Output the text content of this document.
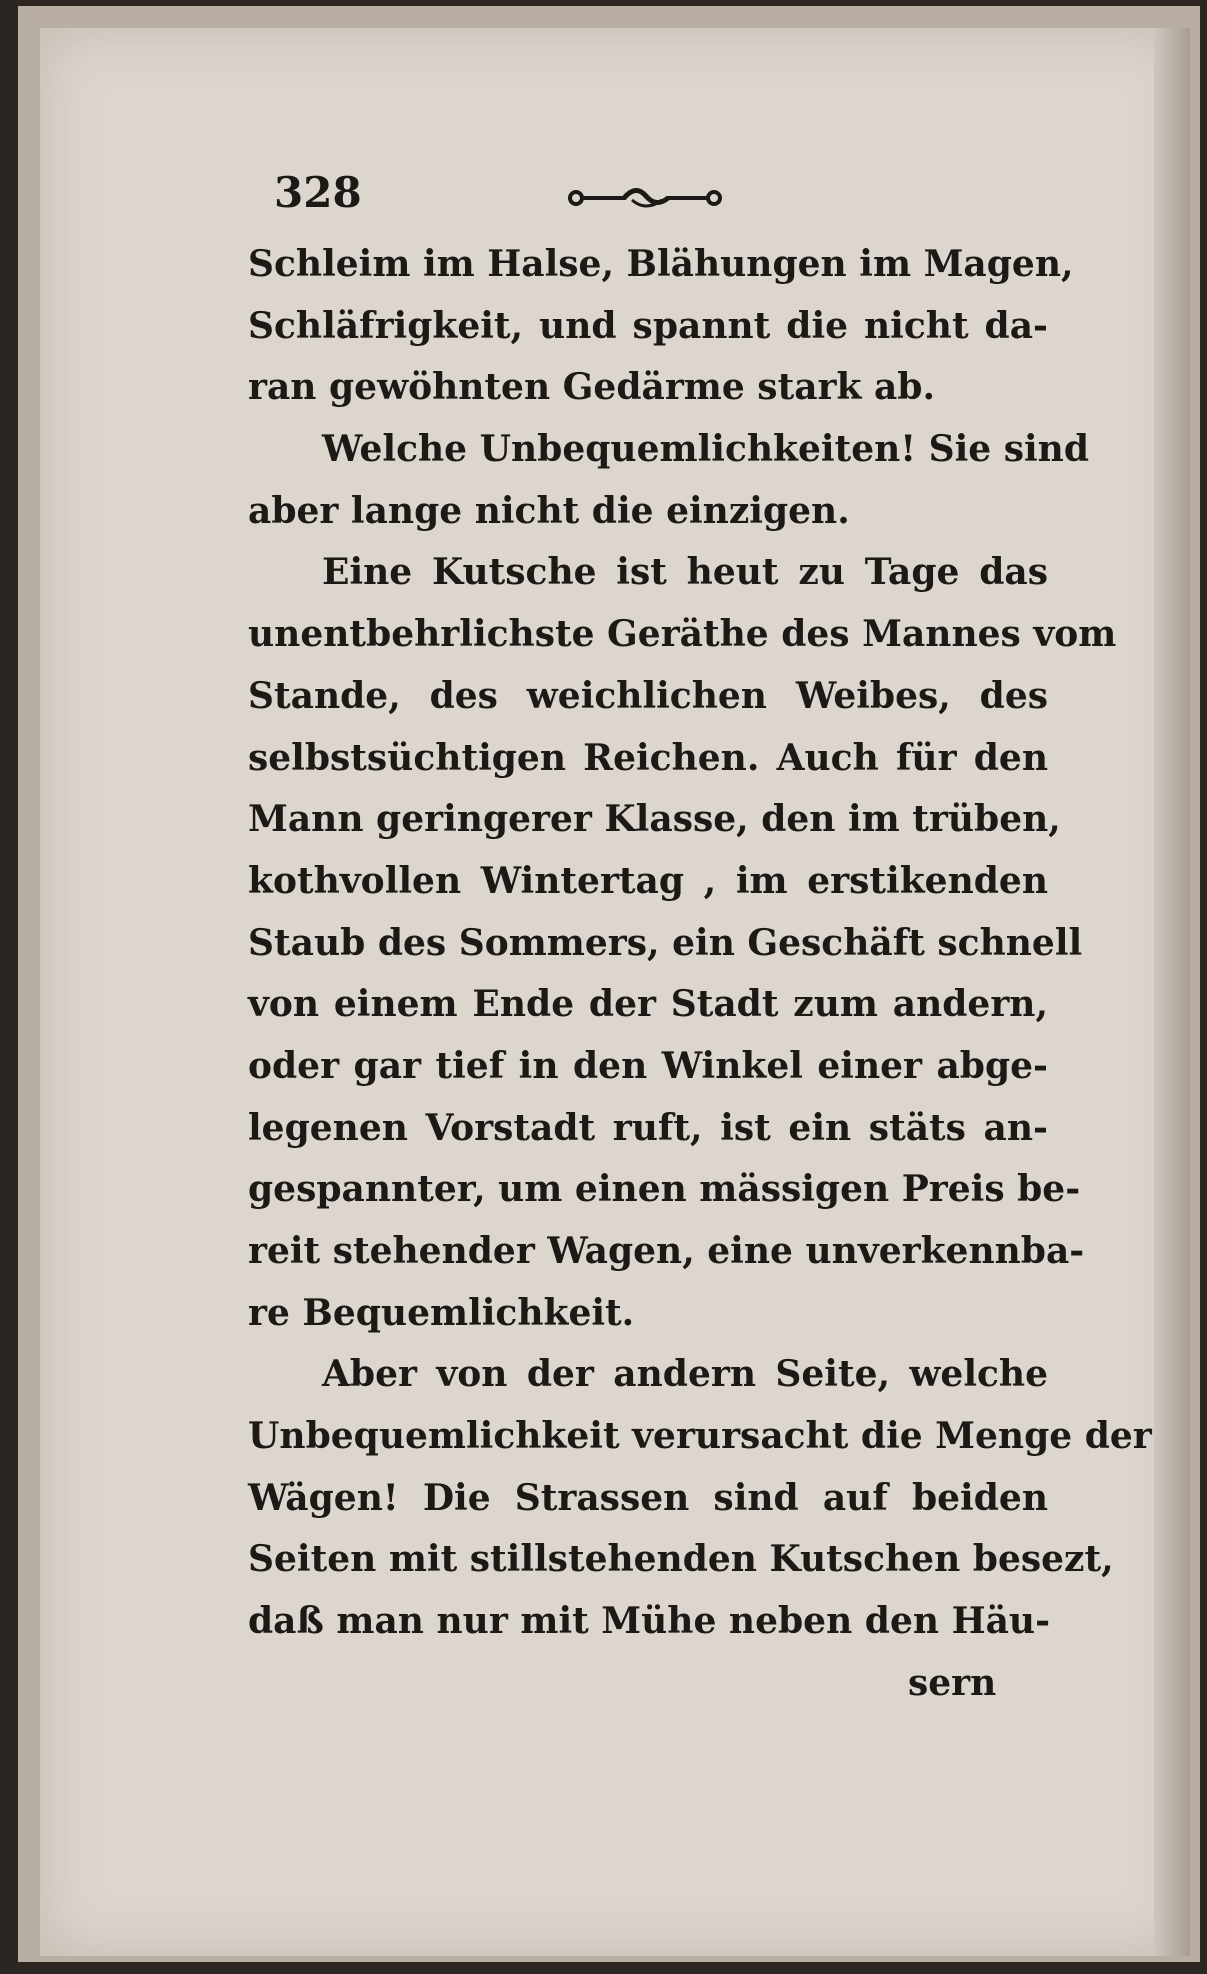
328
Schleim im Halse, Blähungen im Magen,
Schläfrigkeit, und spannt die nicht da-
ran gewöhnten Gedärme stark ab.
Welche Unbequemlichkeiten! Sie sind
aber lange nicht die einzigen.
Eine Kutsche ist heut zu Tage das
unentbehrlichste Geräthe des Mannes vom
Stande, des weichlichen Weibes, des
selbstsüchtigen Reichen. Auch für den
Mann geringerer Klasse, den im trüben,
kothvollen Wintertag , im erstikenden
Staub des Sommers, ein Geschäft schnell
von einem Ende der Stadt zum andern,
oder gar tief in den Winkel einer abge-
legenen Vorstadt ruft, ist ein stäts an-
gespannter, um einen mässigen Preis be-
reit stehender Wagen, eine unverkennba-
re Bequemlichkeit.
Aber von der andern Seite, welche
Unbequemlichkeit verursacht die Menge der
Wägen! Die Strassen sind auf beiden
Seiten mit stillstehenden Kutschen besezt,
daß man nur mit Mühe neben den Häu-
sern
